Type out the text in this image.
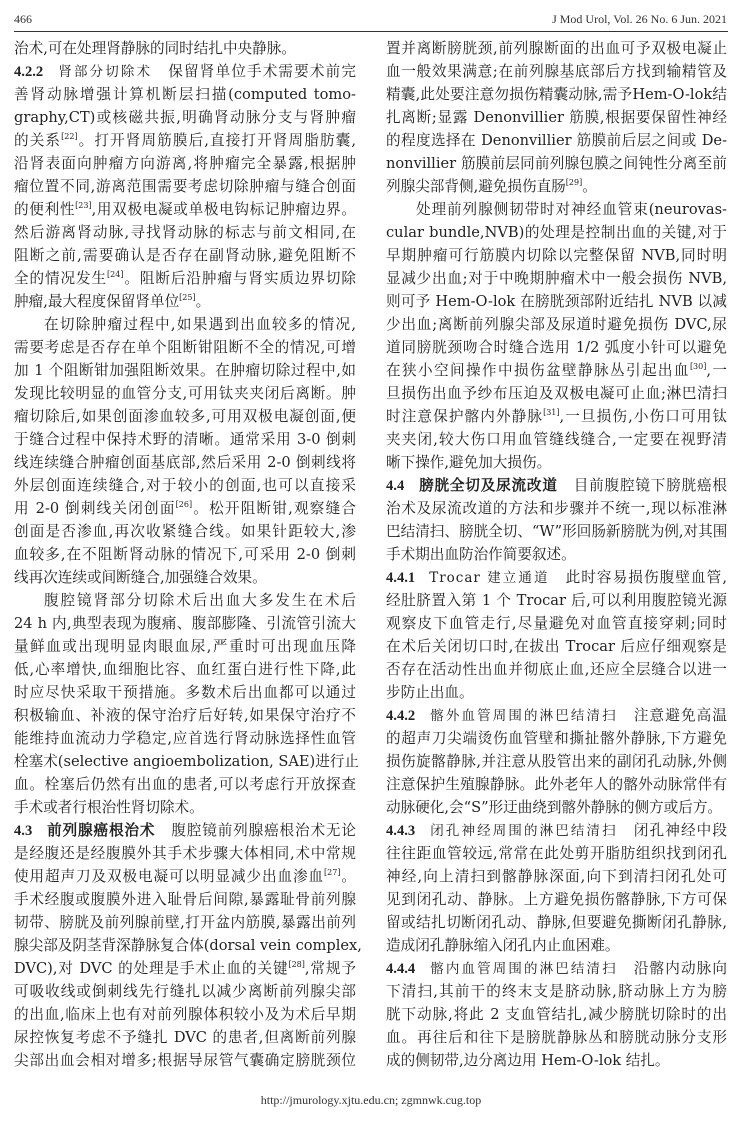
466	J Mod Urol, Vol. 26 No. 6 Jun. 2021
治术,可在处理肾静脉的同时结扎中央静脉。
4.2.2 肾部分切除术 保留肾单位手术需要术前完
善肾动脉增强计算机断层扫描(computed tomo-
graphy,CT)或核磁共振,明确肾动脉分支与肾肿瘤
的关系[22]。打开肾周筋膜后,直接打开肾周脂肪囊,
沿肾表面向肿瘤方向游离,将肿瘤完全暴露,根据肿
瘤位置不同,游离范围需要考虑切除肿瘤与缝合创面
的便利性[23],用双极电凝或单极电钩标记肿瘤边界。
然后游离肾动脉,寻找肾动脉的标志与前文相同,在
阻断之前,需要确认是否存在副肾动脉,避免阻断不
全的情况发生[24]。阻断后沿肿瘤与肾实质边界切除
肿瘤,最大程度保留肾单位[25]。
在切除肿瘤过程中,如果遇到出血较多的情况,
需要考虑是否存在单个阻断钳阻断不全的情况,可增
加 1 个阻断钳加强阻断效果。在肿瘤切除过程中,如
发现比较明显的血管分支,可用钛夹夹闭后离断。肿
瘤切除后,如果创面渗血较多,可用双极电凝创面,便
于缝合过程中保持术野的清晰。通常采用 3-0 倒刺
线连续缝合肿瘤创面基底部,然后采用 2-0 倒刺线将
外层创面连续缝合,对于较小的创面,也可以直接采
用 2-0 倒刺线关闭创面[26]。松开阻断钳,观察缝合
创面是否渗血,再次收紧缝合线。如果针距较大,渗
血较多,在不阻断肾动脉的情况下,可采用 2-0 倒刺
线再次连续或间断缝合,加强缝合效果。
腹腔镜肾部分切除术后出血大多发生在术后
24 h 内,典型表现为腹痛、腹部膨隆、引流管引流大
量鲜血或出现明显肉眼血尿,严重时可出现血压降
低,心率增快,血细胞比容、血红蛋白进行性下降,此
时应尽快采取干预措施。多数术后出血都可以通过
积极输血、补液的保守治疗后好转,如果保守治疗不
能维持血流动力学稳定,应首选行肾动脉选择性血管
栓塞术(selective angioembolization, SAE)进行止
血。栓塞后仍然有出血的患者,可以考虑行开放探查
手术或者行根治性肾切除术。
4.3 前列腺癌根治术 腹腔镜前列腺癌根治术无论
是经腹还是经腹膜外其手术步骤大体相同,术中常规
使用超声刀及双极电凝可以明显减少出血渗血[27]。
手术经腹或腹膜外进入耻骨后间隙,暴露耻骨前列腺
韧带、膀胱及前列腺前壁,打开盆内筋膜,暴露出前列
腺尖部及阴茎背深静脉复合体(dorsal vein complex,
DVC),对 DVC 的处理是手术止血的关键[28],常规予
可吸收线或倒刺线先行缝扎以减少离断前列腺尖部
的出血,临床上也有对前列腺体积较小及为术后早期
尿控恢复考虑不予缝扎 DVC 的患者,但离断前列腺
尖部出血会相对增多;根据导尿管气囊确定膀胱颈位
置并离断膀胱颈,前列腺断面的出血可予双极电凝止
血一般效果满意;在前列腺基底部后方找到输精管及
精囊,此处要注意勿损伤精囊动脉,需予Hem-O-lok结
扎离断;显露 Denonvillier 筋膜,根据要保留性神经
的程度选择在 Denonvillier 筋膜前后层之间或 De-
nonvillier 筋膜前层同前列腺包膜之间钝性分离至前
列腺尖部背侧,避免损伤直肠[29]。
处理前列腺侧韧带时对神经血管束(neurovas-
cular bundle,NVB)的处理是控制出血的关键,对于
早期肿瘤可行筋膜内切除以完整保留 NVB,同时明
显减少出血;对于中晚期肿瘤术中一般会损伤 NVB,
则可予 Hem-O-lok 在膀胱颈部附近结扎 NVB 以减
少出血;离断前列腺尖部及尿道时避免损伤 DVC,尿
道同膀胱颈吻合时缝合选用 1/2 弧度小针可以避免
在狭小空间操作中损伤盆壁静脉丛引起出血[30],一
旦损伤出血予纱布压迫及双极电凝可止血;淋巴清扫
时注意保护髂内外静脉[31],一旦损伤,小伤口可用钛
夹夹闭,较大伤口用血管缝线缝合,一定要在视野清
晰下操作,避免加大损伤。
4.4 膀胱全切及尿流改道 目前腹腔镜下膀胱癌根
治术及尿流改道的方法和步骤并不统一,现以标准淋
巴结清扫、膀胱全切、“W”形回肠新膀胱为例,对其围
手术期出血防治作简要叙述。
4.4.1 Trocar 建立通道 此时容易损伤腹壁血管,
经肚脐置入第 1 个 Trocar 后,可以利用腹腔镜光源
观察皮下血管走行,尽量避免对血管直接穿刺;同时
在术后关闭切口时,在拔出 Trocar 后应仔细观察是
否存在活动性出血并彻底止血,还应全层缝合以进一
步防止出血。
4.4.2 髂外血管周围的淋巴结清扫 注意避免高温
的超声刀尖端烫伤血管壁和撕扯髂外静脉,下方避免
损伤旋髂静脉,并注意从股管出来的副闭孔动脉,外侧
注意保护生殖腺静脉。此外老年人的髂外动脉常伴有
动脉硬化,会“S”形迂曲绕到髂外静脉的侧方或后方。
4.4.3 闭孔神经周围的淋巴结清扫 闭孔神经中段
往往距血管较远,常常在此处剪开脂肪组织找到闭孔
神经,向上清扫到髂静脉深面,向下到清扫闭孔处可
见到闭孔动、静脉。上方避免损伤髂静脉,下方可保
留或结扎切断闭孔动、静脉,但要避免撕断闭孔静脉,
造成闭孔静脉缩入闭孔内止血困难。
4.4.4 髂内血管周围的淋巴结清扫 沿髂内动脉向
下清扫,其前干的终末支是脐动脉,脐动脉上方为膀
胱下动脉,将此 2 支血管结扎,减少膀胱切除时的出
血。再往后和往下是膀胱静脉丛和膀胱动脉分支形
成的侧韧带,边分离边用 Hem-O-lok 结扎。
http://jmurology.xjtu.edu.cn; zgmnwk.cug.top
